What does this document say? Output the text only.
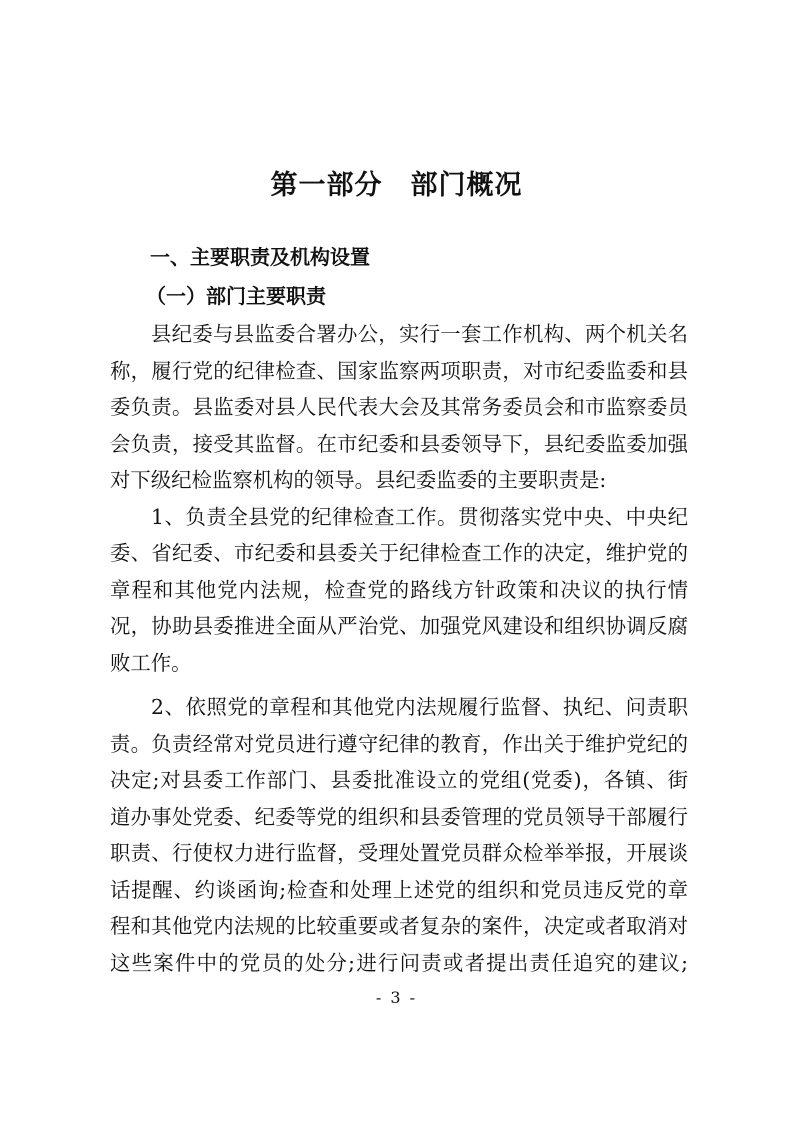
第一部分　部门概况
一、主要职责及机构设置
（一）部门主要职责
县纪委与县监委合署办公，实行一套工作机构、两个机关名
称，履行党的纪律检查、国家监察两项职责，对市纪委监委和县
委负责。县监委对县人民代表大会及其常务委员会和市监察委员
会负责，接受其监督。在市纪委和县委领导下，县纪委监委加强
对下级纪检监察机构的领导。县纪委监委的主要职责是:
1、负责全县党的纪律检查工作。贯彻落实党中央、中央纪
委、省纪委、市纪委和县委关于纪律检查工作的决定，维护党的
章程和其他党内法规，检查党的路线方针政策和决议的执行情
况，协助县委推进全面从严治党、加强党风建设和组织协调反腐
败工作。
2、依照党的章程和其他党内法规履行监督、执纪、问责职
责。负责经常对党员进行遵守纪律的教育，作出关于维护党纪的
决定;对县委工作部门、县委批准设立的党组(党委)，各镇、街
道办事处党委、纪委等党的组织和县委管理的党员领导干部履行
职责、行使权力进行监督，受理处置党员群众检举举报，开展谈
话提醒、约谈函询;检查和处理上述党的组织和党员违反党的章
程和其他党内法规的比较重要或者复杂的案件，决定或者取消对
这些案件中的党员的处分;进行问责或者提出责任追究的建议;
- 3 -
